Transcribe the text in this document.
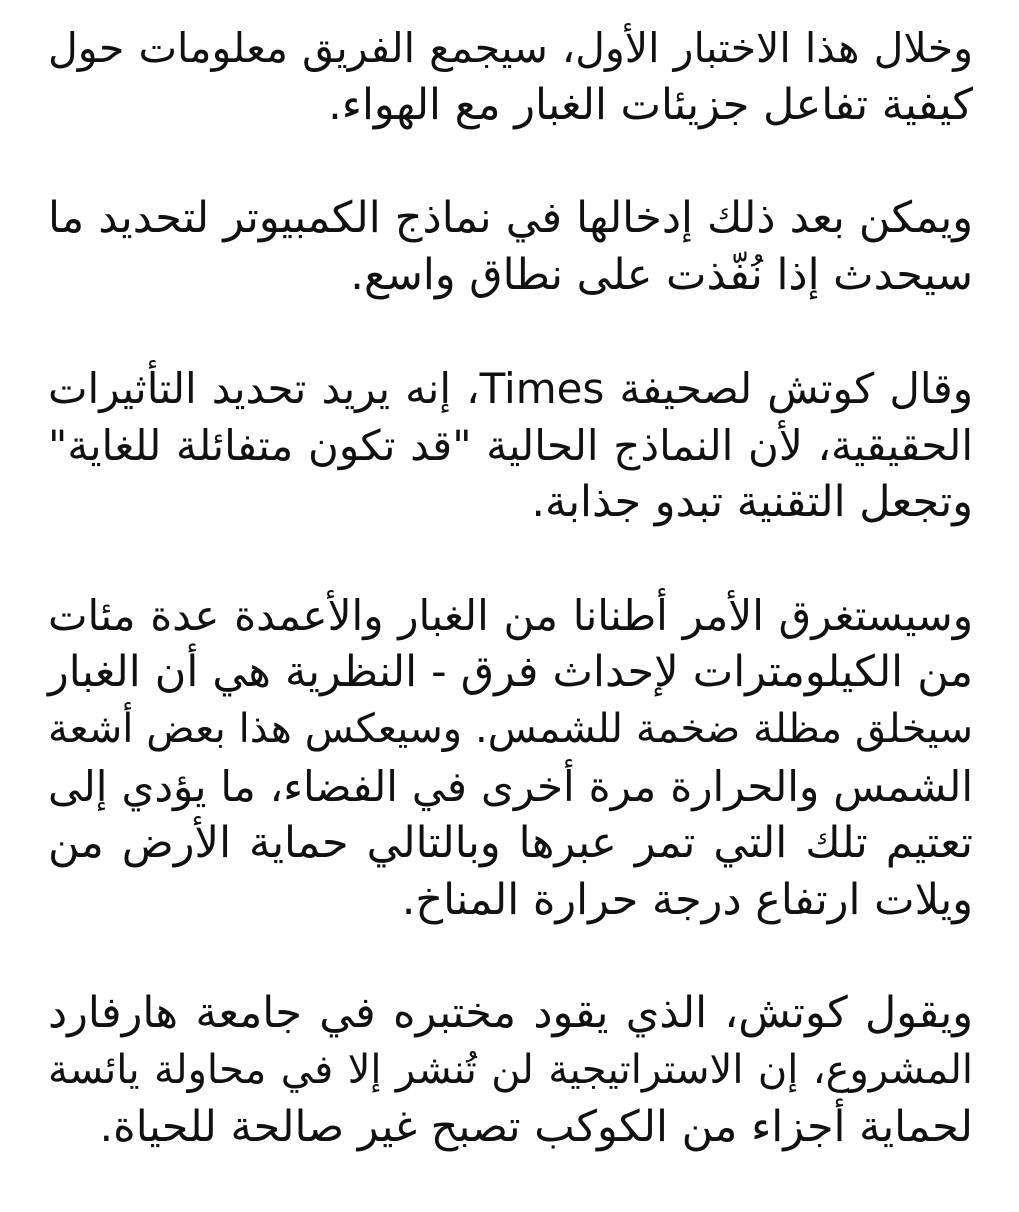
وخلال هذا الاختبار الأول، سيجمع الفريق معلومات حول
كيفية تفاعل جزيئات الغبار مع الهواء.
ويمكن بعد ذلك إدخالها في نماذج الكمبيوتر لتحديد ما
سيحدث إذا نُفّذت على نطاق واسع.
وقال كوتش لصحيفة Times، إنه يريد تحديد التأثيرات
الحقيقية، لأن النماذج الحالية "قد تكون متفائلة للغاية"
وتجعل التقنية تبدو جذابة.
وسيستغرق الأمر أطنانا من الغبار والأعمدة عدة مئات
من الكيلومترات لإحداث فرق - النظرية هي أن الغبار
سيخلق مظلة ضخمة للشمس. وسيعكس هذا بعض أشعة
الشمس والحرارة مرة أخرى في الفضاء، ما يؤدي إلى
تعتيم تلك التي تمر عبرها وبالتالي حماية الأرض من
ويلات ارتفاع درجة حرارة المناخ.
ويقول كوتش، الذي يقود مختبره في جامعة هارفارد
المشروع، إن الاستراتيجية لن تُنشر إلا في محاولة يائسة
لحماية أجزاء من الكوكب تصبح غير صالحة للحياة.
